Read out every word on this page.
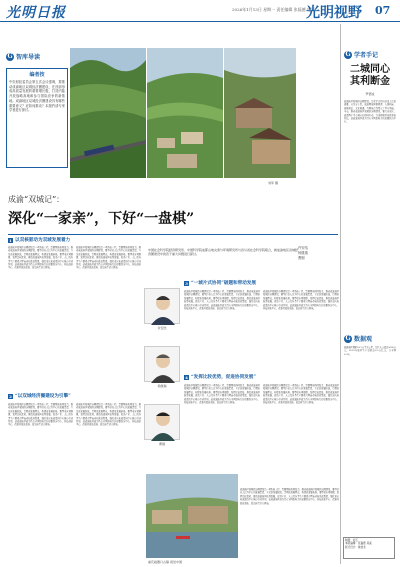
光明日报	2026年1月13日 星期一 责任编辑 张磊德 房溪
光明视野 07
G 智库导读
编者按
中央财经委员会第五次会议强调，要推动成渝地区双城经济圈建设，在西部形成高质量发展的重要增长极，打造内陆开放战略高地和参与国际竞争的新基地。成渝地区双城经济圈建设具有哪些重要意义？应如何推动？本版约请专家学者进行探讨。
刘军 摄
成渝“双城记”：
深化“一家亲”，下好“一盘棋”
中国社会科学院经济研究所、中国科学院成都山地灾害与环境研究所与四川省社会科学院联合，就成渝地区双城经济圈建设中的若干重大问题进行探讨。
许安结
杨继瑞
曹刚
1 以双核驱动为双城发展着力
成渝地区双城经济圈建设是一项系统工程，需要两地协同发力。推动成渝地区双城经济圈建设，要坚持以人民为中心的发展思想，立足新发展阶段，贯彻新发展理念，构建新发展格局。要尊重客观规律，发挥比较优势，推进成渝地区统筹发展，促进产业、人口及各类生产要素合理流动和高效集聚，强化重庆和成都的中心城市带动作用，使成渝地区成为具有全国影响力的重要经济中心、科技创新中心、改革开放新高地、高品质生活宜居地。
成渝地区双城经济圈建设是一项系统工程，需要两地协同发力。推动成渝地区双城经济圈建设，要坚持以人民为中心的发展思想，立足新发展阶段，贯彻新发展理念，构建新发展格局。要尊重客观规律，发挥比较优势，推进成渝地区统筹发展，促进产业、人口及各类生产要素合理流动和高效集聚，强化重庆和成都的中心城市带动作用，使成渝地区成为具有全国影响力的重要经济中心、科技创新中心、改革开放新高地、高品质生活宜居地。
2 “以双城经济圈建设为引擎”
成渝地区双城经济圈建设是一项系统工程，需要两地协同发力。推动成渝地区双城经济圈建设，要坚持以人民为中心的发展思想，立足新发展阶段，贯彻新发展理念，构建新发展格局。要尊重客观规律，发挥比较优势，推进成渝地区统筹发展，促进产业、人口及各类生产要素合理流动和高效集聚，强化重庆和成都的中心城市带动作用，使成渝地区成为具有全国影响力的重要经济中心、科技创新中心、改革开放新高地、高品质生活宜居地。
成渝地区双城经济圈建设是一项系统工程，需要两地协同发力。推动成渝地区双城经济圈建设，要坚持以人民为中心的发展思想，立足新发展阶段，贯彻新发展理念，构建新发展格局。要尊重客观规律，发挥比较优势，推进成渝地区统筹发展，促进产业、人口及各类生产要素合理流动和高效集聚，强化重庆和成都的中心城市带动作用，使成渝地区成为具有全国影响力的重要经济中心、科技创新中心、改革开放新高地、高品质生活宜居地。
许安结
杨继瑞
曹刚
3 “一城片式协同”破题和带动发展
成渝地区双城经济圈建设是一项系统工程，需要两地协同发力。推动成渝地区双城经济圈建设，要坚持以人民为中心的发展思想，立足新发展阶段，贯彻新发展理念，构建新发展格局。要尊重客观规律，发挥比较优势，推进成渝地区统筹发展，促进产业、人口及各类生产要素合理流动和高效集聚，强化重庆和成都的中心城市带动作用，使成渝地区成为具有全国影响力的重要经济中心、科技创新中心、改革开放新高地、高品质生活宜居地。
成渝地区双城经济圈建设是一项系统工程，需要两地协同发力。推动成渝地区双城经济圈建设，要坚持以人民为中心的发展思想，立足新发展阶段，贯彻新发展理念，构建新发展格局。要尊重客观规律，发挥比较优势，推进成渝地区统筹发展，促进产业、人口及各类生产要素合理流动和高效集聚，强化重庆和成都的中心城市带动作用，使成渝地区成为具有全国影响力的重要经济中心、科技创新中心、改革开放新高地、高品质生活宜居地。
4 “发挥比较优势，促进协同发展”
成渝地区双城经济圈建设是一项系统工程，需要两地协同发力。推动成渝地区双城经济圈建设，要坚持以人民为中心的发展思想，立足新发展阶段，贯彻新发展理念，构建新发展格局。要尊重客观规律，发挥比较优势，推进成渝地区统筹发展，促进产业、人口及各类生产要素合理流动和高效集聚，强化重庆和成都的中心城市带动作用，使成渝地区成为具有全国影响力的重要经济中心、科技创新中心、改革开放新高地、高品质生活宜居地。
成渝地区双城经济圈建设是一项系统工程，需要两地协同发力。推动成渝地区双城经济圈建设，要坚持以人民为中心的发展思想，立足新发展阶段，贯彻新发展理念，构建新发展格局。要尊重客观规律，发挥比较优势，推进成渝地区统筹发展，促进产业、人口及各类生产要素合理流动和高效集聚，强化重庆和成都的中心城市带动作用，使成渝地区成为具有全国影响力的重要经济中心、科技创新中心、改革开放新高地、高品质生活宜居地。
成渝地区双城经济圈建设是一项系统工程，需要两地协同发力。推动成渝地区双城经济圈建设，要坚持以人民为中心的发展思想，立足新发展阶段，贯彻新发展理念，构建新发展格局。要尊重客观规律，发挥比较优势，推进成渝地区统筹发展，促进产业、人口及各类生产要素合理流动和高效集聚，强化重庆和成都的中心城市带动作用，使成渝地区成为具有全国影响力的重要经济中心、科技创新中心、改革开放新高地、高品质生活宜居地。
重庆磁器口古镇 视觉中国
G 学者手记
二城同心 其利断金
罗德成
成渝地区双城经济圈建设，是党中央作出的重大决策部署。从历史上看，成渝两地同根同源、人缘相亲、地缘相近、文化相通，为两地合作奠定了坚实基础。当前，推动成渝地区双城经济圈建设，要突出重庆、成都两个中心城市的协同带动，注重体现区域优势和特色，使成渝地区成为具有全国影响力的重要经济中心。
G 数据观
成渝地区面积18.5万平方公里，常住人口超过9600万人，2019年地区生产总值近6.3万亿元，占全国6.3%。
制图：刘玉
本版编辑：张磊德 房溪
版式设计：姚桂龙
